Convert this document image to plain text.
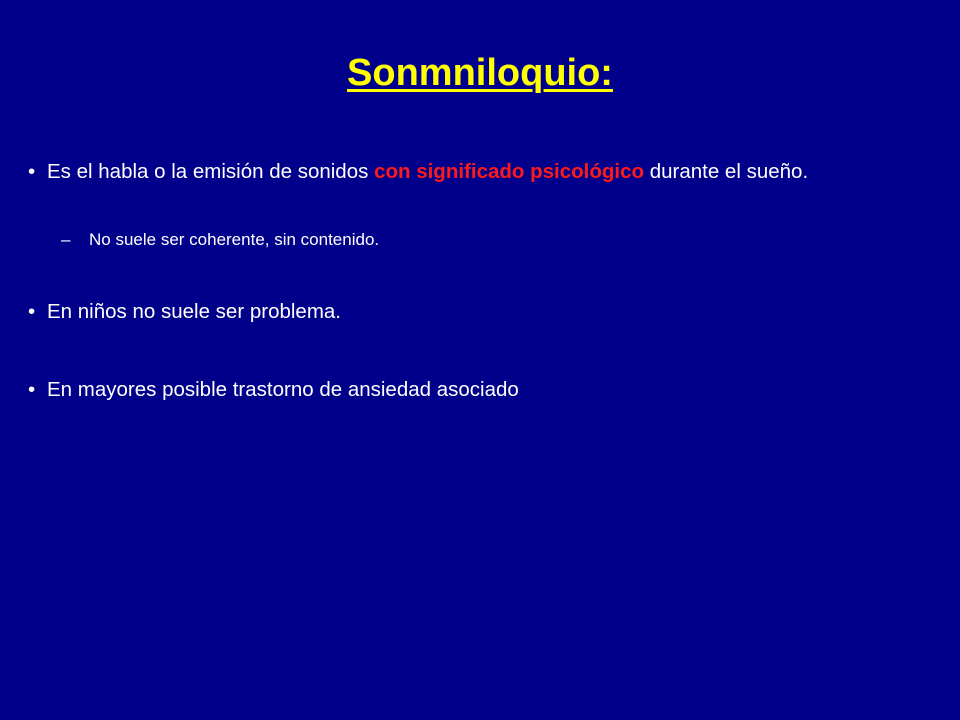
Sonmniloquio:
• Es el habla o la emisión de sonidos con significado psicológico durante el sueño.
– No suele ser coherente, sin contenido.
• En niños no suele ser problema.
• En mayores posible trastorno de ansiedad asociado
